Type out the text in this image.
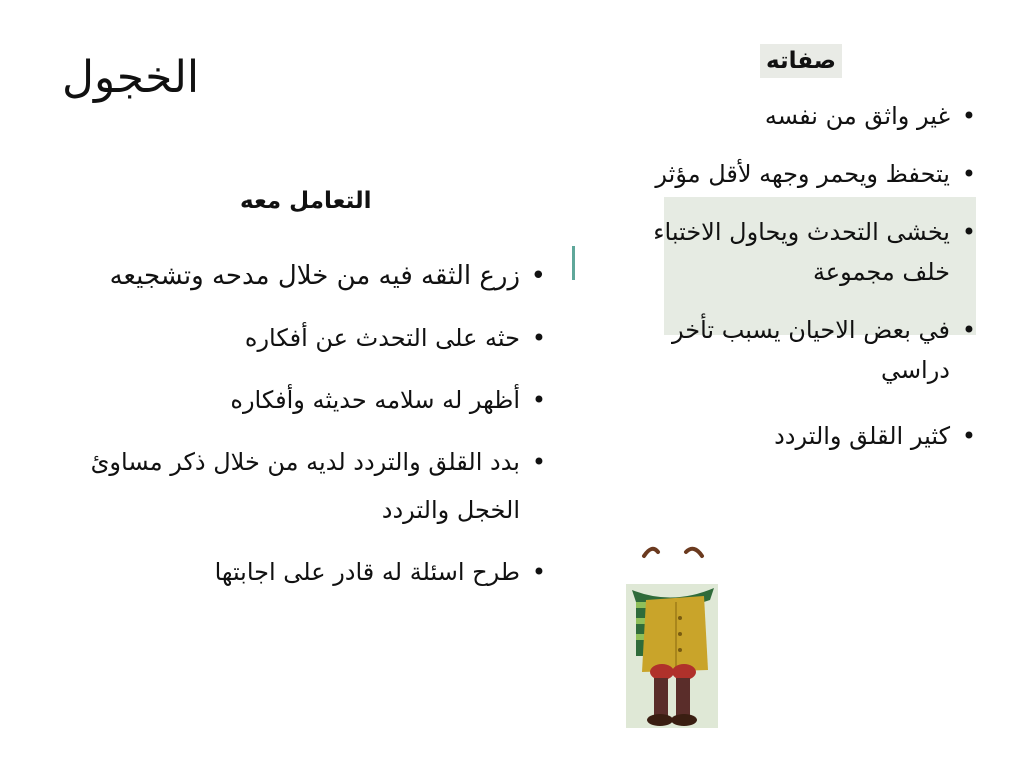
الخجول	صفاته
• غير واثق من نفسه
• يتحفظ ويحمر وجهه لأقل مؤثر
• يخشى التحدث ويحاول الاختباء خلف مجموعة
• في بعض الاحيان يسبب تأخر دراسي
• كثير القلق والتردد
التعامل معه
• زرع الثقه فيه من خلال مدحه وتشجيعه
• حثه على التحدث عن أفكاره
• أظهر له سلامه حديثه وأفكاره
• بدد القلق والتردد لديه من خلال ذكر مساوئ الخجل والتردد
• طرح اسئلة له قادر على اجابتها
